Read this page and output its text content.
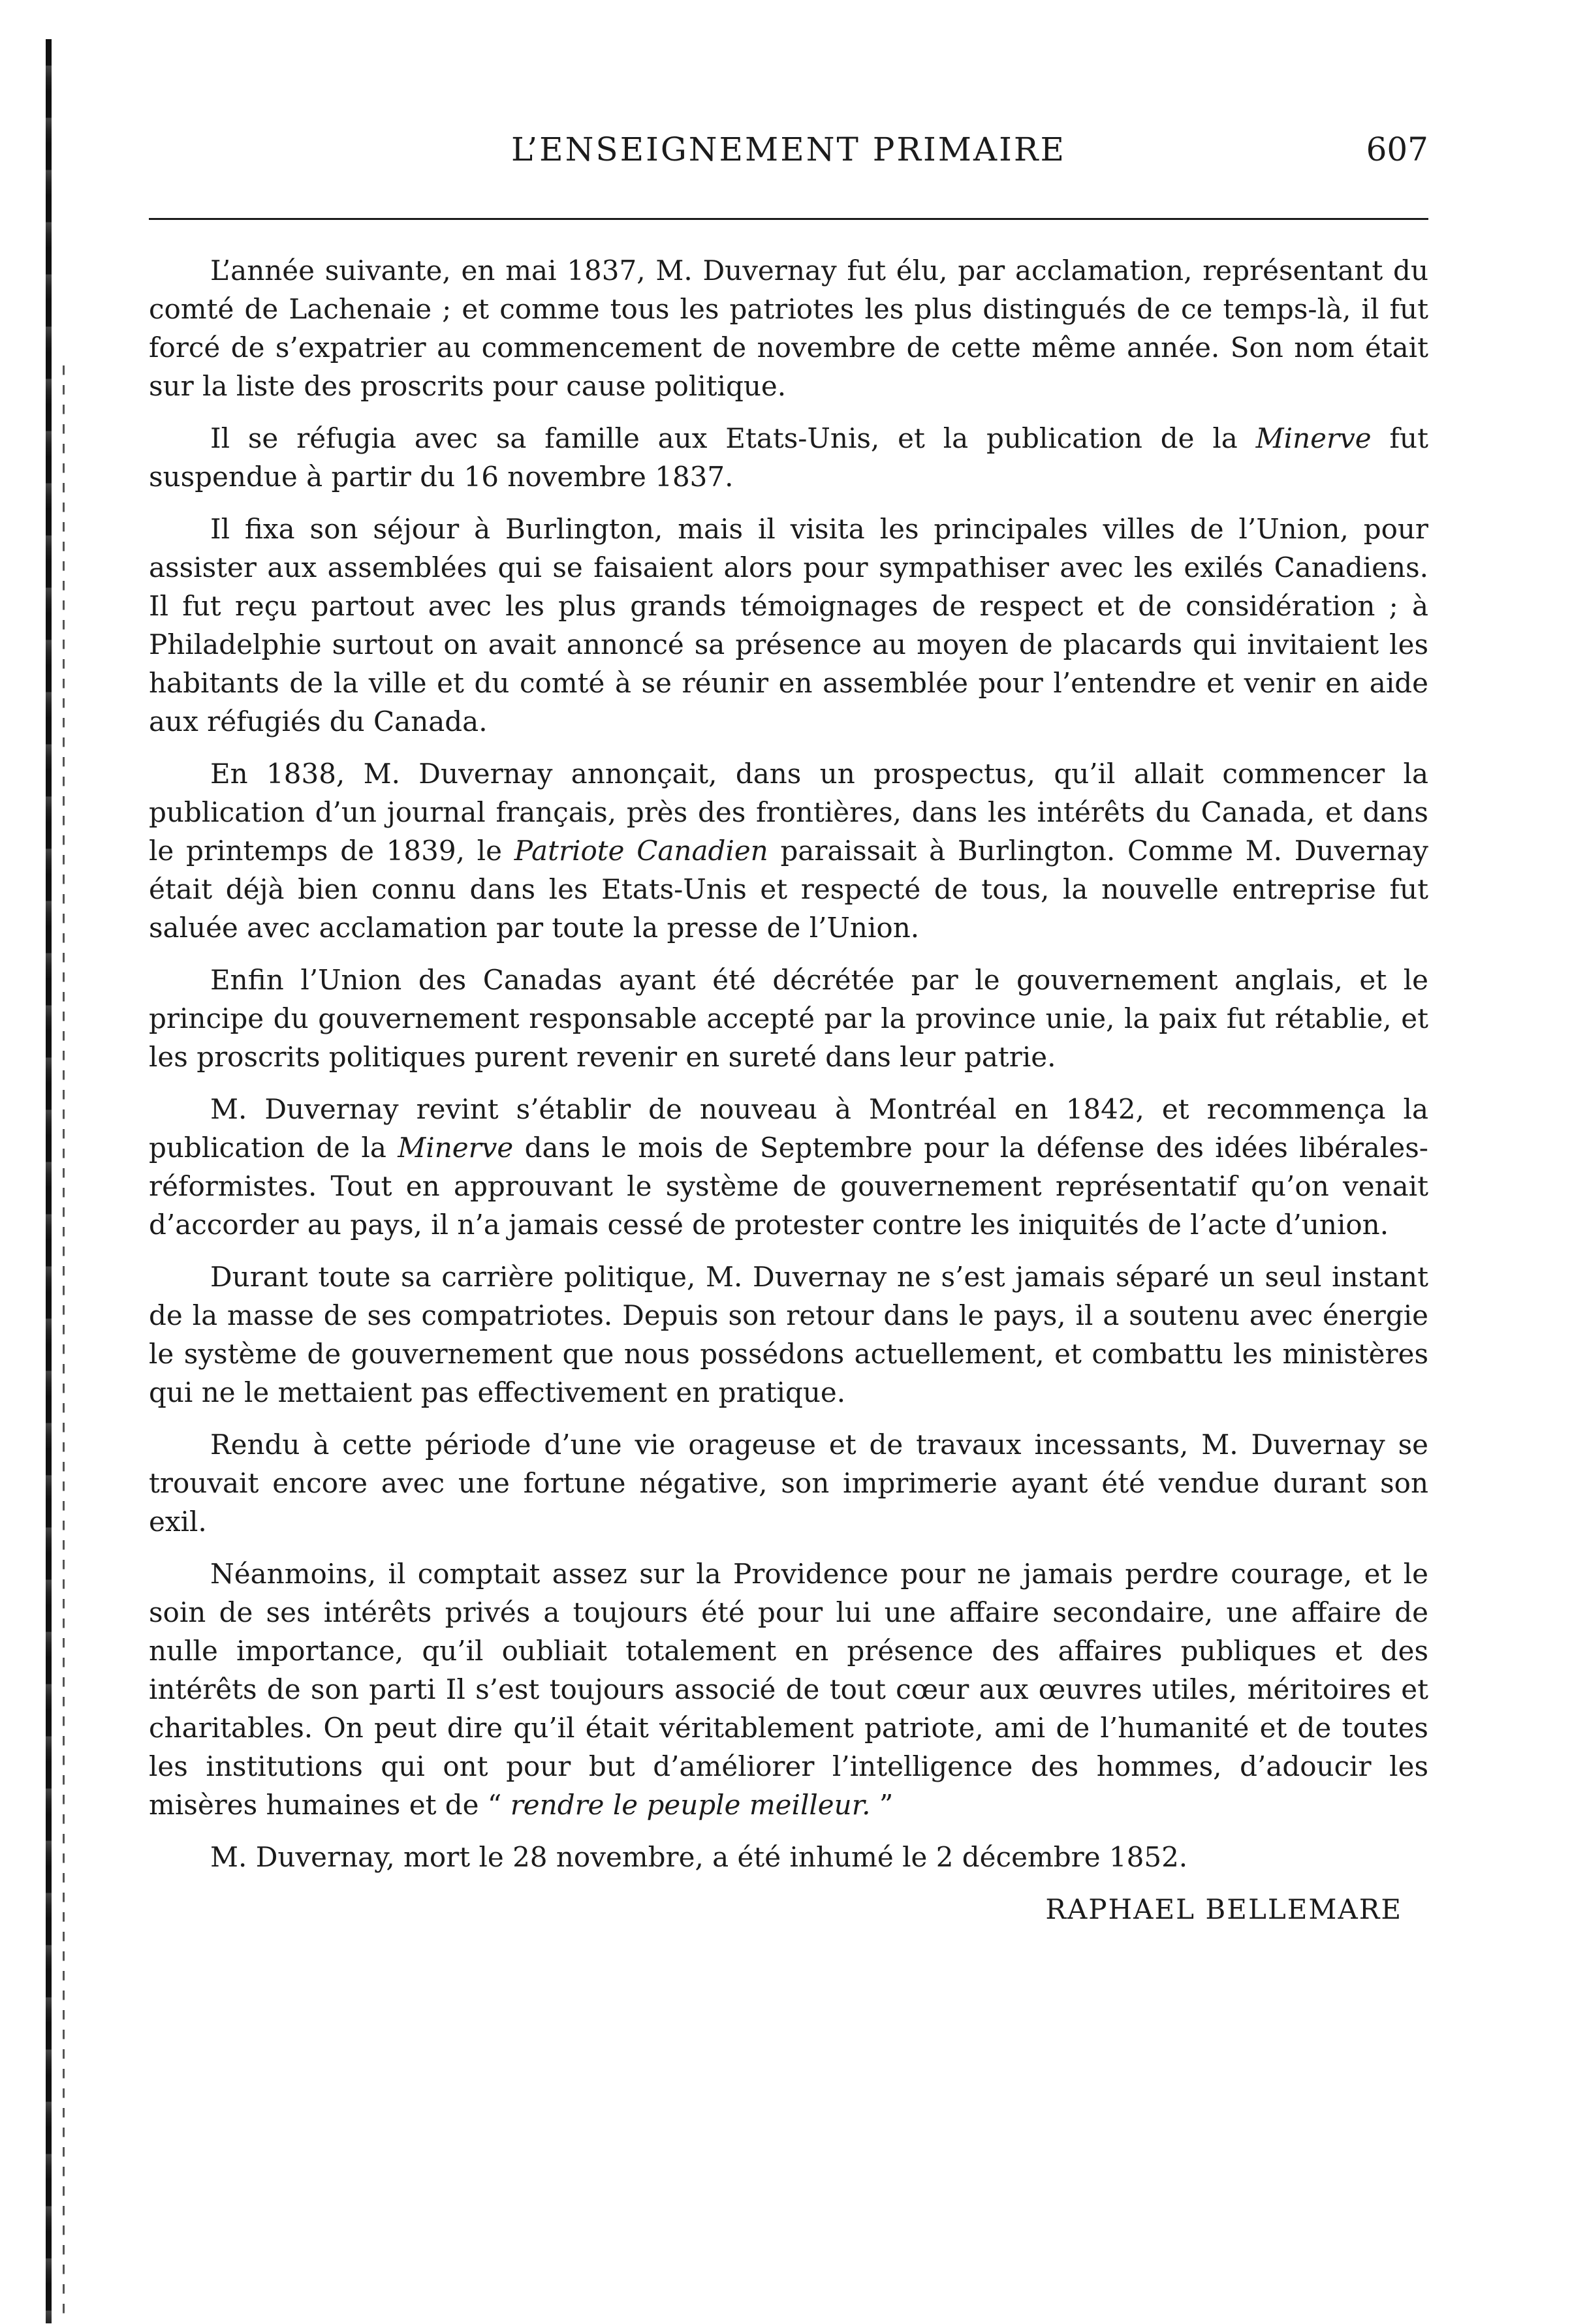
L’ENSEIGNEMENT PRIMAIRE	607

L’année suivante, en mai 1837, M. Duvernay fut élu, par acclamation, représentant du comté de Lachenaie ; et comme tous les patriotes les plus distingués de ce temps-là, il fut forcé de s’expatrier au commencement de novembre de cette même année. Son nom était sur la liste des proscrits pour cause politique.

Il se réfugia avec sa famille aux Etats-Unis, et la publication de la Minerve fut suspendue à partir du 16 novembre 1837.

Il fixa son séjour à Burlington, mais il visita les principales villes de l’Union, pour assister aux assemblées qui se faisaient alors pour sympathiser avec les exilés Canadiens. Il fut reçu partout avec les plus grands témoignages de respect et de considération ; à Philadelphie surtout on avait annoncé sa présence au moyen de placards qui invitaient les habitants de la ville et du comté à se réunir en assemblée pour l’entendre et venir en aide aux réfugiés du Canada.

En 1838, M. Duvernay annonçait, dans un prospectus, qu’il allait commencer la publication d’un journal français, près des frontières, dans les intérêts du Canada, et dans le printemps de 1839, le Patriote Canadien paraissait à Burlington. Comme M. Duvernay était déjà bien connu dans les Etats-Unis et respecté de tous, la nouvelle entreprise fut saluée avec acclamation par toute la presse de l’Union.

Enfin l’Union des Canadas ayant été décrétée par le gouvernement anglais, et le principe du gouvernement responsable accepté par la province unie, la paix fut rétablie, et les proscrits politiques purent revenir en sureté dans leur patrie.

M. Duvernay revint s’établir de nouveau à Montréal en 1842, et recommença la publication de la Minerve dans le mois de Septembre pour la défense des idées libérales-réformistes. Tout en approuvant le système de gouvernement représentatif qu’on venait d’accorder au pays, il n’a jamais cessé de protester contre les iniquités de l’acte d’union.

Durant toute sa carrière politique, M. Duvernay ne s’est jamais séparé un seul instant de la masse de ses compatriotes. Depuis son retour dans le pays, il a soutenu avec énergie le système de gouvernement que nous possédons actuellement, et combattu les ministères qui ne le mettaient pas effectivement en pratique.

Rendu à cette période d’une vie orageuse et de travaux incessants, M. Duvernay se trouvait encore avec une fortune négative, son imprimerie ayant été vendue durant son exil.

Néanmoins, il comptait assez sur la Providence pour ne jamais perdre courage, et le soin de ses intérêts privés a toujours été pour lui une affaire secondaire, une affaire de nulle importance, qu’il oubliait totalement en présence des affaires publiques et des intérêts de son parti Il s’est toujours associé de tout cœur aux œuvres utiles, méritoires et charitables. On peut dire qu’il était véritablement patriote, ami de l’humanité et de toutes les institutions qui ont pour but d’améliorer l’intelligence des hommes, d’adoucir les misères humaines et de “ rendre le peuple meilleur. ”

M. Duvernay, mort le 28 novembre, a été inhumé le 2 décembre 1852.

RAPHAEL BELLEMARE
